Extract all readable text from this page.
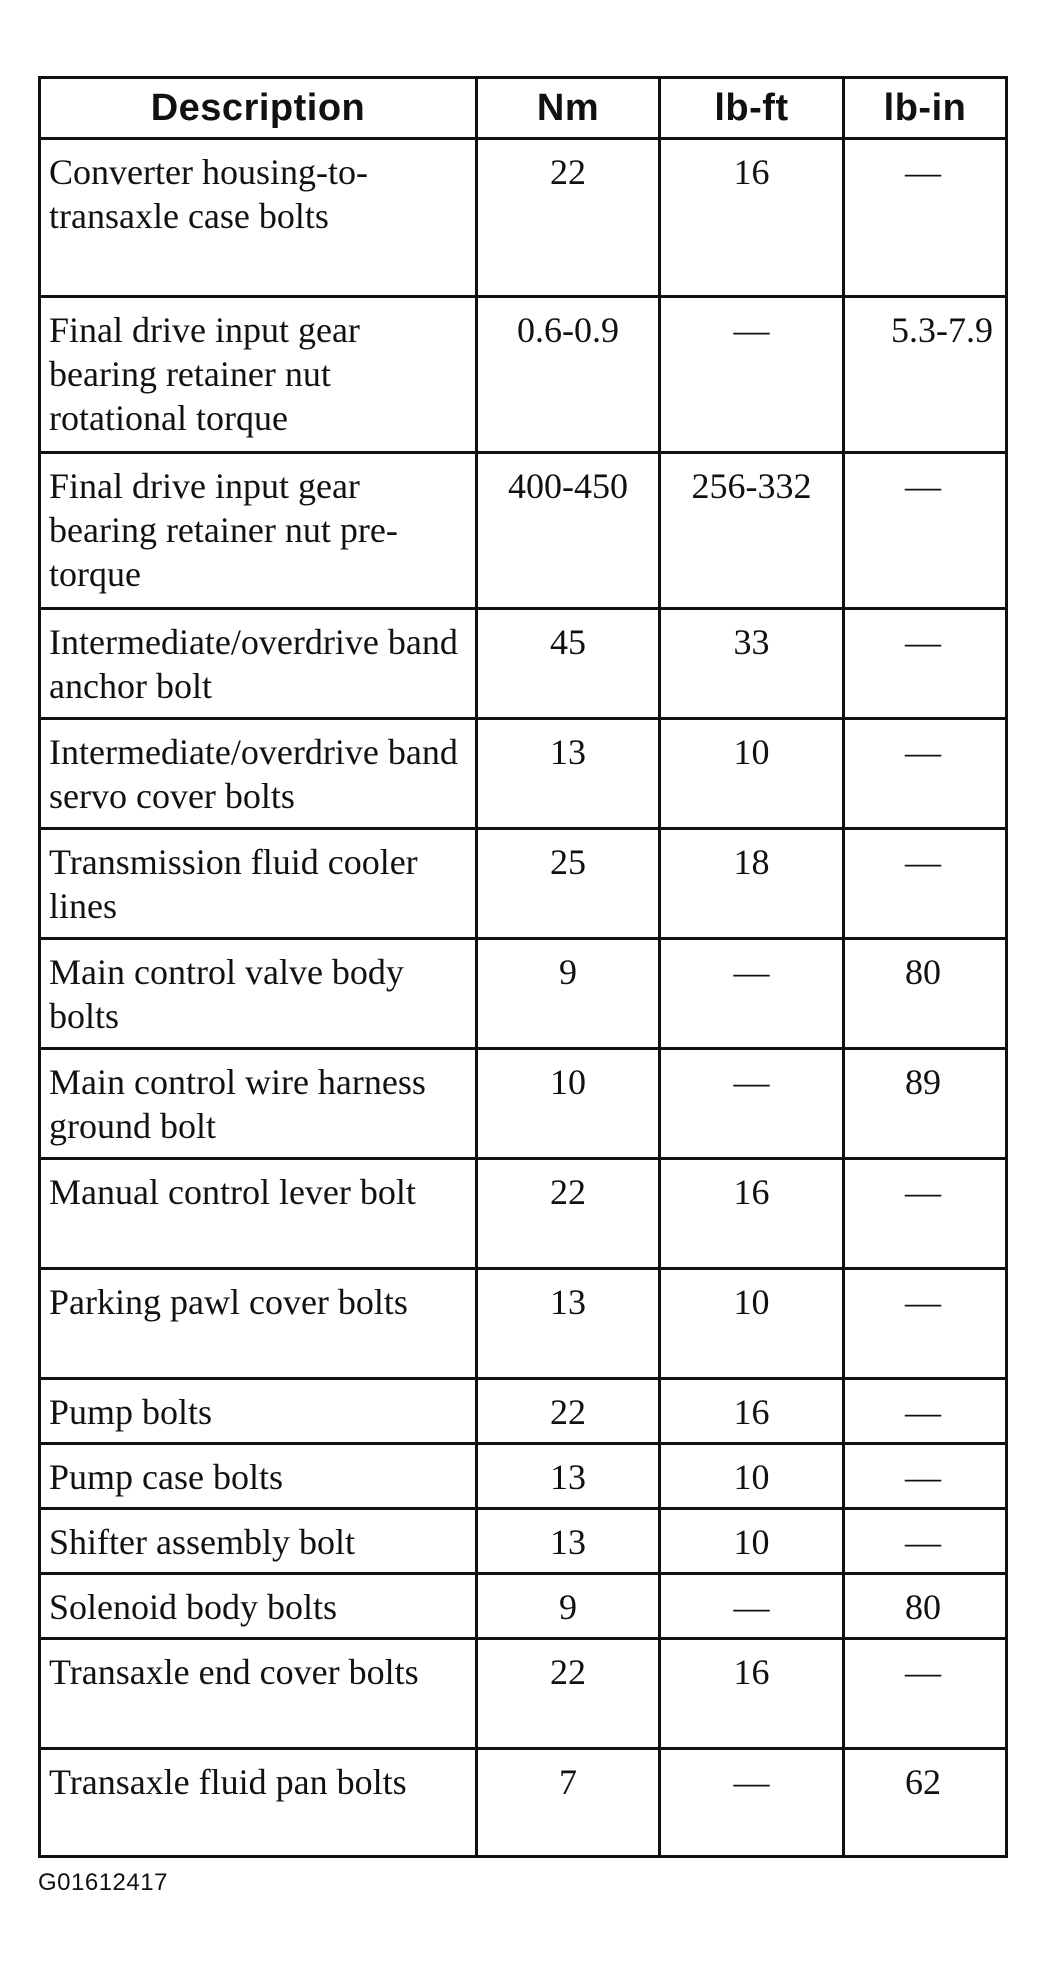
Description	Nm	lb-ft	lb-in
Converter housing-to-transaxle case bolts	22	16	—
Final drive input gear bearing retainer nut rotational torque	0.6-0.9	—	5.3-7.9
Final drive input gear bearing retainer nut pre-torque	400-450	256-332	—
Intermediate/overdrive band anchor bolt	45	33	—
Intermediate/overdrive band servo cover bolts	13	10	—
Transmission fluid cooler lines	25	18	—
Main control valve body bolts	9	—	80
Main control wire harness ground bolt	10	—	89
Manual control lever bolt	22	16	—
Parking pawl cover bolts	13	10	—
Pump bolts	22	16	—
Pump case bolts	13	10	—
Shifter assembly bolt	13	10	—
Solenoid body bolts	9	—	80
Transaxle end cover bolts	22	16	—
Transaxle fluid pan bolts	7	—	62
G01612417
